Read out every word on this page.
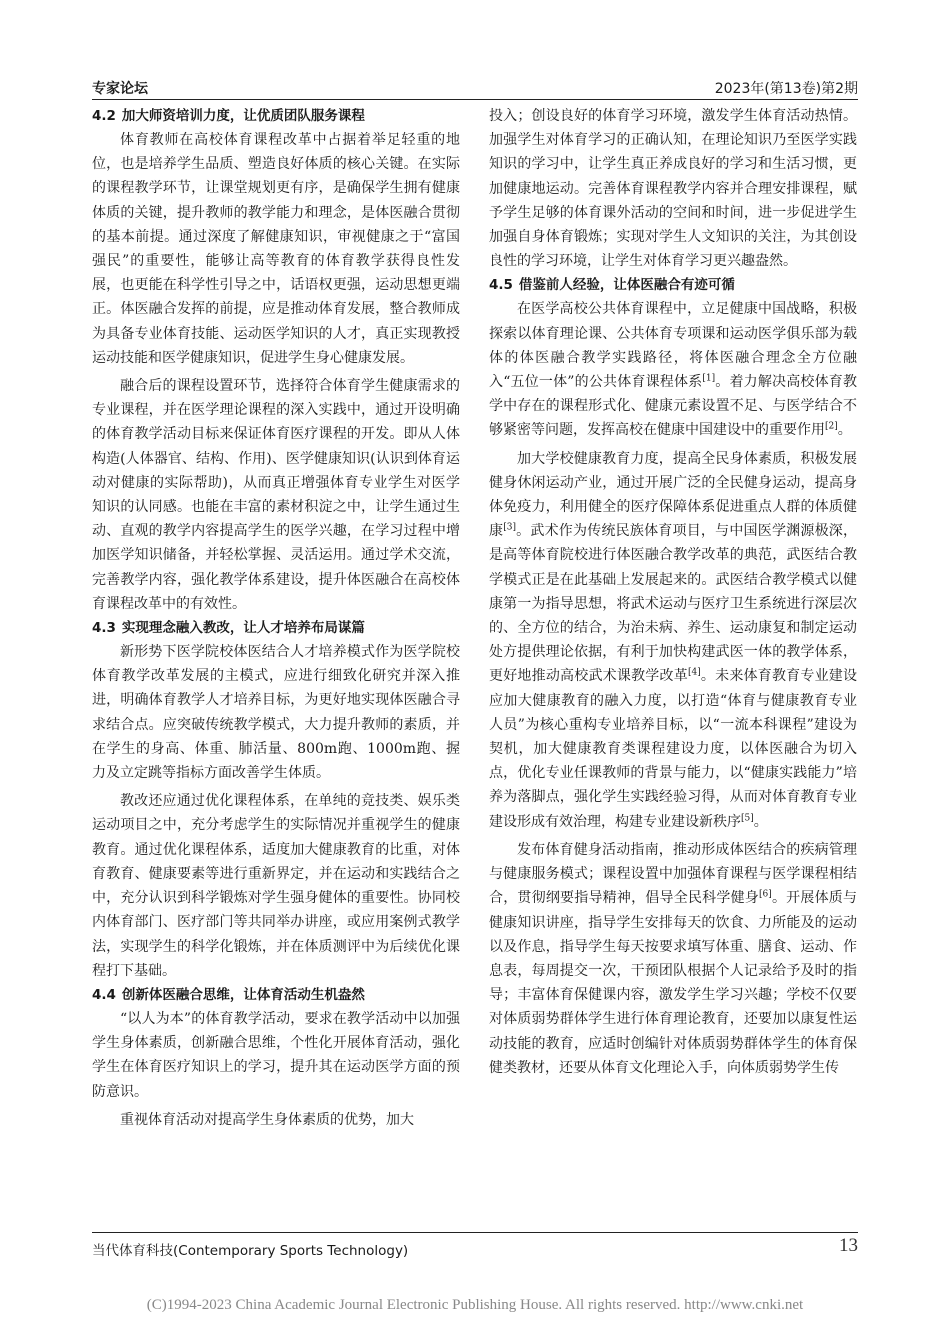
专家论坛	2023年(第13卷)第2期
4.2 加大师资培训力度，让优质团队服务课程

体育教师在高校体育课程改革中占据着举足轻重的地位，也是培养学生品质、塑造良好体质的核心关键。在实际的课程教学环节，让课堂规划更有序，是确保学生拥有健康体质的关键，提升教师的教学能力和理念，是体医融合贯彻的基本前提。通过深度了解健康知识，审视健康之于“富国强民”的重要性，能够让高等教育的体育教学获得良性发展，也更能在科学性引导之中，话语权更强，运动思想更端正。体医融合发挥的前提，应是推动体育发展，整合教师成为具备专业体育技能、运动医学知识的人才，真正实现教授运动技能和医学健康知识，促进学生身心健康发展。

融合后的课程设置环节，选择符合体育学生健康需求的专业课程，并在医学理论课程的深入实践中，通过开设明确的体育教学活动目标来保证体育医疗课程的开发。即从人体构造(人体器官、结构、作用)、医学健康知识(认识到体育运动对健康的实际帮助)，从而真正增强体育专业学生对医学知识的认同感。也能在丰富的素材积淀之中，让学生通过生动、直观的教学内容提高学生的医学兴趣，在学习过程中增加医学知识储备，并轻松掌握、灵活运用。通过学术交流，完善教学内容，强化教学体系建设，提升体医融合在高校体育课程改革中的有效性。

4.3 实现理念融入教改，让人才培养布局谋篇

新形势下医学院校体医结合人才培养模式作为医学院校体育教学改革发展的主模式，应进行细致化研究并深入推进，明确体育教学人才培养目标，为更好地实现体医融合寻求结合点。应突破传统教学模式，大力提升教师的素质，并在学生的身高、体重、肺活量、800m跑、1000m跑、握力及立定跳等指标方面改善学生体质。

教改还应通过优化课程体系，在单纯的竞技类、娱乐类运动项目之中，充分考虑学生的实际情况并重视学生的健康教育。通过优化课程体系，适度加大健康教育的比重，对体育教育、健康要素等进行重新界定，并在运动和实践结合之中，充分认识到科学锻炼对学生强身健体的重要性。协同校内体育部门、医疗部门等共同举办讲座，或应用案例式教学法，实现学生的科学化锻炼，并在体质测评中为后续优化课程打下基础。

4.4 创新体医融合思维，让体育活动生机盎然

“以人为本”的体育教学活动，要求在教学活动中以加强学生身体素质，创新融合思维，个性化开展体育活动，强化学生在体育医疗知识上的学习，提升其在运动医学方面的预防意识。

重视体育活动对提高学生身体素质的优势，加大

投入；创设良好的体育学习环境，激发学生体育活动热情。加强学生对体育学习的正确认知，在理论知识乃至医学实践知识的学习中，让学生真正养成良好的学习和生活习惯，更加健康地运动。完善体育课程教学内容并合理安排课程，赋予学生足够的体育课外活动的空间和时间，进一步促进学生加强自身体育锻炼；实现对学生人文知识的关注，为其创设良性的学习环境，让学生对体育学习更兴趣盎然。

4.5 借鉴前人经验，让体医融合有迹可循

在医学高校公共体育课程中，立足健康中国战略，积极探索以体育理论课、公共体育专项课和运动医学俱乐部为载体的体医融合教学实践路径，将体医融合理念全方位融入“五位一体”的公共体育课程体系[1]。着力解决高校体育教学中存在的课程形式化、健康元素设置不足、与医学结合不够紧密等问题，发挥高校在健康中国建设中的重要作用[2]。

加大学校健康教育力度，提高全民身体素质，积极发展健身休闲运动产业，通过开展广泛的全民健身运动，提高身体免疫力，利用健全的医疗保障体系促进重点人群的体质健康[3]。武术作为传统民族体育项目，与中国医学渊源极深，是高等体育院校进行体医融合教学改革的典范，武医结合教学模式正是在此基础上发展起来的。武医结合教学模式以健康第一为指导思想，将武术运动与医疗卫生系统进行深层次的、全方位的结合，为治未病、养生、运动康复和制定运动处方提供理论依据，有利于加快构建武医一体的教学体系，更好地推动高校武术课教学改革[4]。未来体育教育专业建设应加大健康教育的融入力度，以打造“体育与健康教育专业人员”为核心重构专业培养目标，以“一流本科课程”建设为契机，加大健康教育类课程建设力度，以体医融合为切入点，优化专业任课教师的背景与能力，以“健康实践能力”培养为落脚点，强化学生实践经验习得，从而对体育教育专业建设形成有效治理，构建专业建设新秩序[5]。

发布体育健身活动指南，推动形成体医结合的疾病管理与健康服务模式；课程设置中加强体育课程与医学课程相结合，贯彻纲要指导精神，倡导全民科学健身[6]。开展体质与健康知识讲座，指导学生安排每天的饮食、力所能及的运动以及作息，指导学生每天按要求填写体重、膳食、运动、作息表，每周提交一次，干预团队根据个人记录给予及时的指导；丰富体育保健课内容，激发学生学习兴趣；学校不仅要对体质弱势群体学生进行体育理论教育，还要加以康复性运动技能的教育，应适时创编针对体质弱势群体学生的体育保健类教材，还要从体育文化理论入手，向体质弱势学生传

当代体育科技(Contemporary Sports Technology)	13
(C)1994-2023 China Academic Journal Electronic Publishing House. All rights reserved. http://www.cnki.net
